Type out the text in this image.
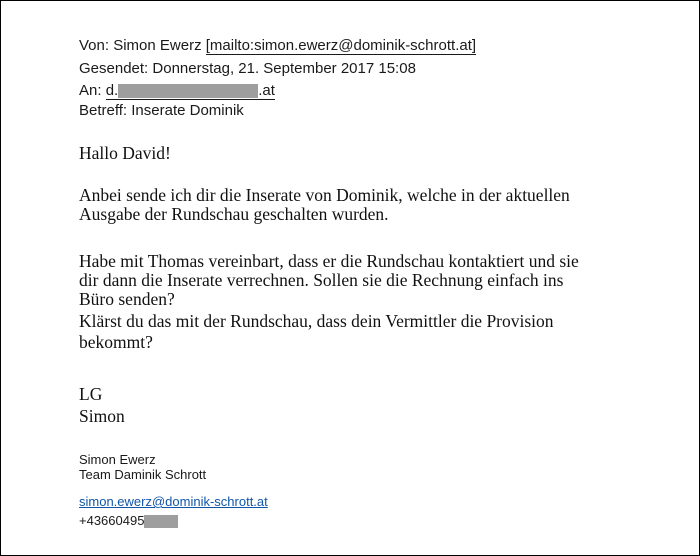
Von: Simon Ewerz [mailto:simon.ewerz@dominik-schrott.at]
Gesendet: Donnerstag, 21. September 2017 15:08
An: d.	.at
Betreff: Inserate Dominik
Hallo David!
Anbei sende ich dir die Inserate von Dominik, welche in der aktuellen
Ausgabe der Rundschau geschalten wurden.
Habe mit Thomas vereinbart, dass er die Rundschau kontaktiert und sie
dir dann die Inserate verrechnen. Sollen sie die Rechnung einfach ins
Büro senden?
Klärst du das mit der Rundschau, dass dein Vermittler die Provision
bekommt?
LG
Simon
Simon Ewerz
Team Daminik Schrott
simon.ewerz@dominik-schrott.at
+43660495
